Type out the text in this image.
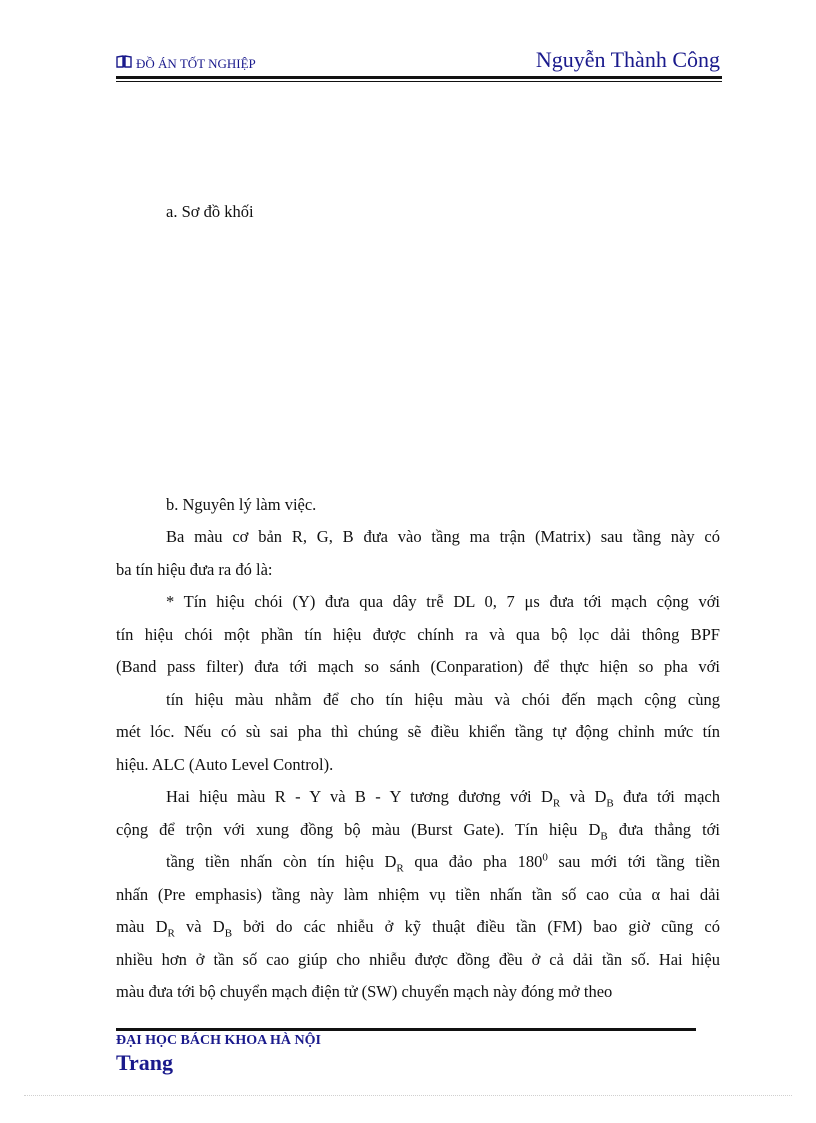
ĐỒ ÁN TỐT NGHIỆP	Nguyễn Thành Công
a. Sơ đồ khối
b. Nguyên lý làm việc.
Ba màu cơ bản R, G, B đưa vào tầng ma trận (Matrix) sau tầng này có
ba tín hiệu đưa ra đó là:
* Tín hiệu chói (Y) đưa qua dây trễ DL 0, 7 μs đưa tới mạch cộng với
tín hiệu chói một phần tín hiệu được chính ra và qua bộ lọc dải thông BPF
(Band pass filter) đưa tới mạch so sánh (Conparation) để thực hiện so pha với
tín hiệu màu nhằm để cho tín hiệu màu và chói đến mạch cộng cùng
mét lóc. Nếu có sù sai pha thì chúng sẽ điều khiển tầng tự động chỉnh mức tín
hiệu. ALC (Auto Level Control).
Hai hiệu màu R - Y và B - Y tương đương với $D_R$ và $D_B$ đưa tới mạch
cộng để trộn với xung đồng bộ màu (Burst Gate). Tín hiệu $D_B$ đưa thẳng tới
tầng tiền nhấn còn tín hiệu $D_R$ qua đảo pha $180^0$ sau mới tới tầng tiền
nhấn (Pre emphasis) tầng này làm nhiệm vụ tiền nhấn tần số cao của α hai dải
màu $D_R$ và $D_B$ bởi do các nhiễu ở kỹ thuật điều tần (FM) bao giờ cũng có
nhiều hơn ở tần số cao giúp cho nhiễu được đồng đều ở cả dải tần số. Hai hiệu
màu đưa tới bộ chuyển mạch điện tử (SW) chuyển mạch này đóng mở theo
ĐẠI HỌC BÁCH KHOA HÀ NỘI
Trang
